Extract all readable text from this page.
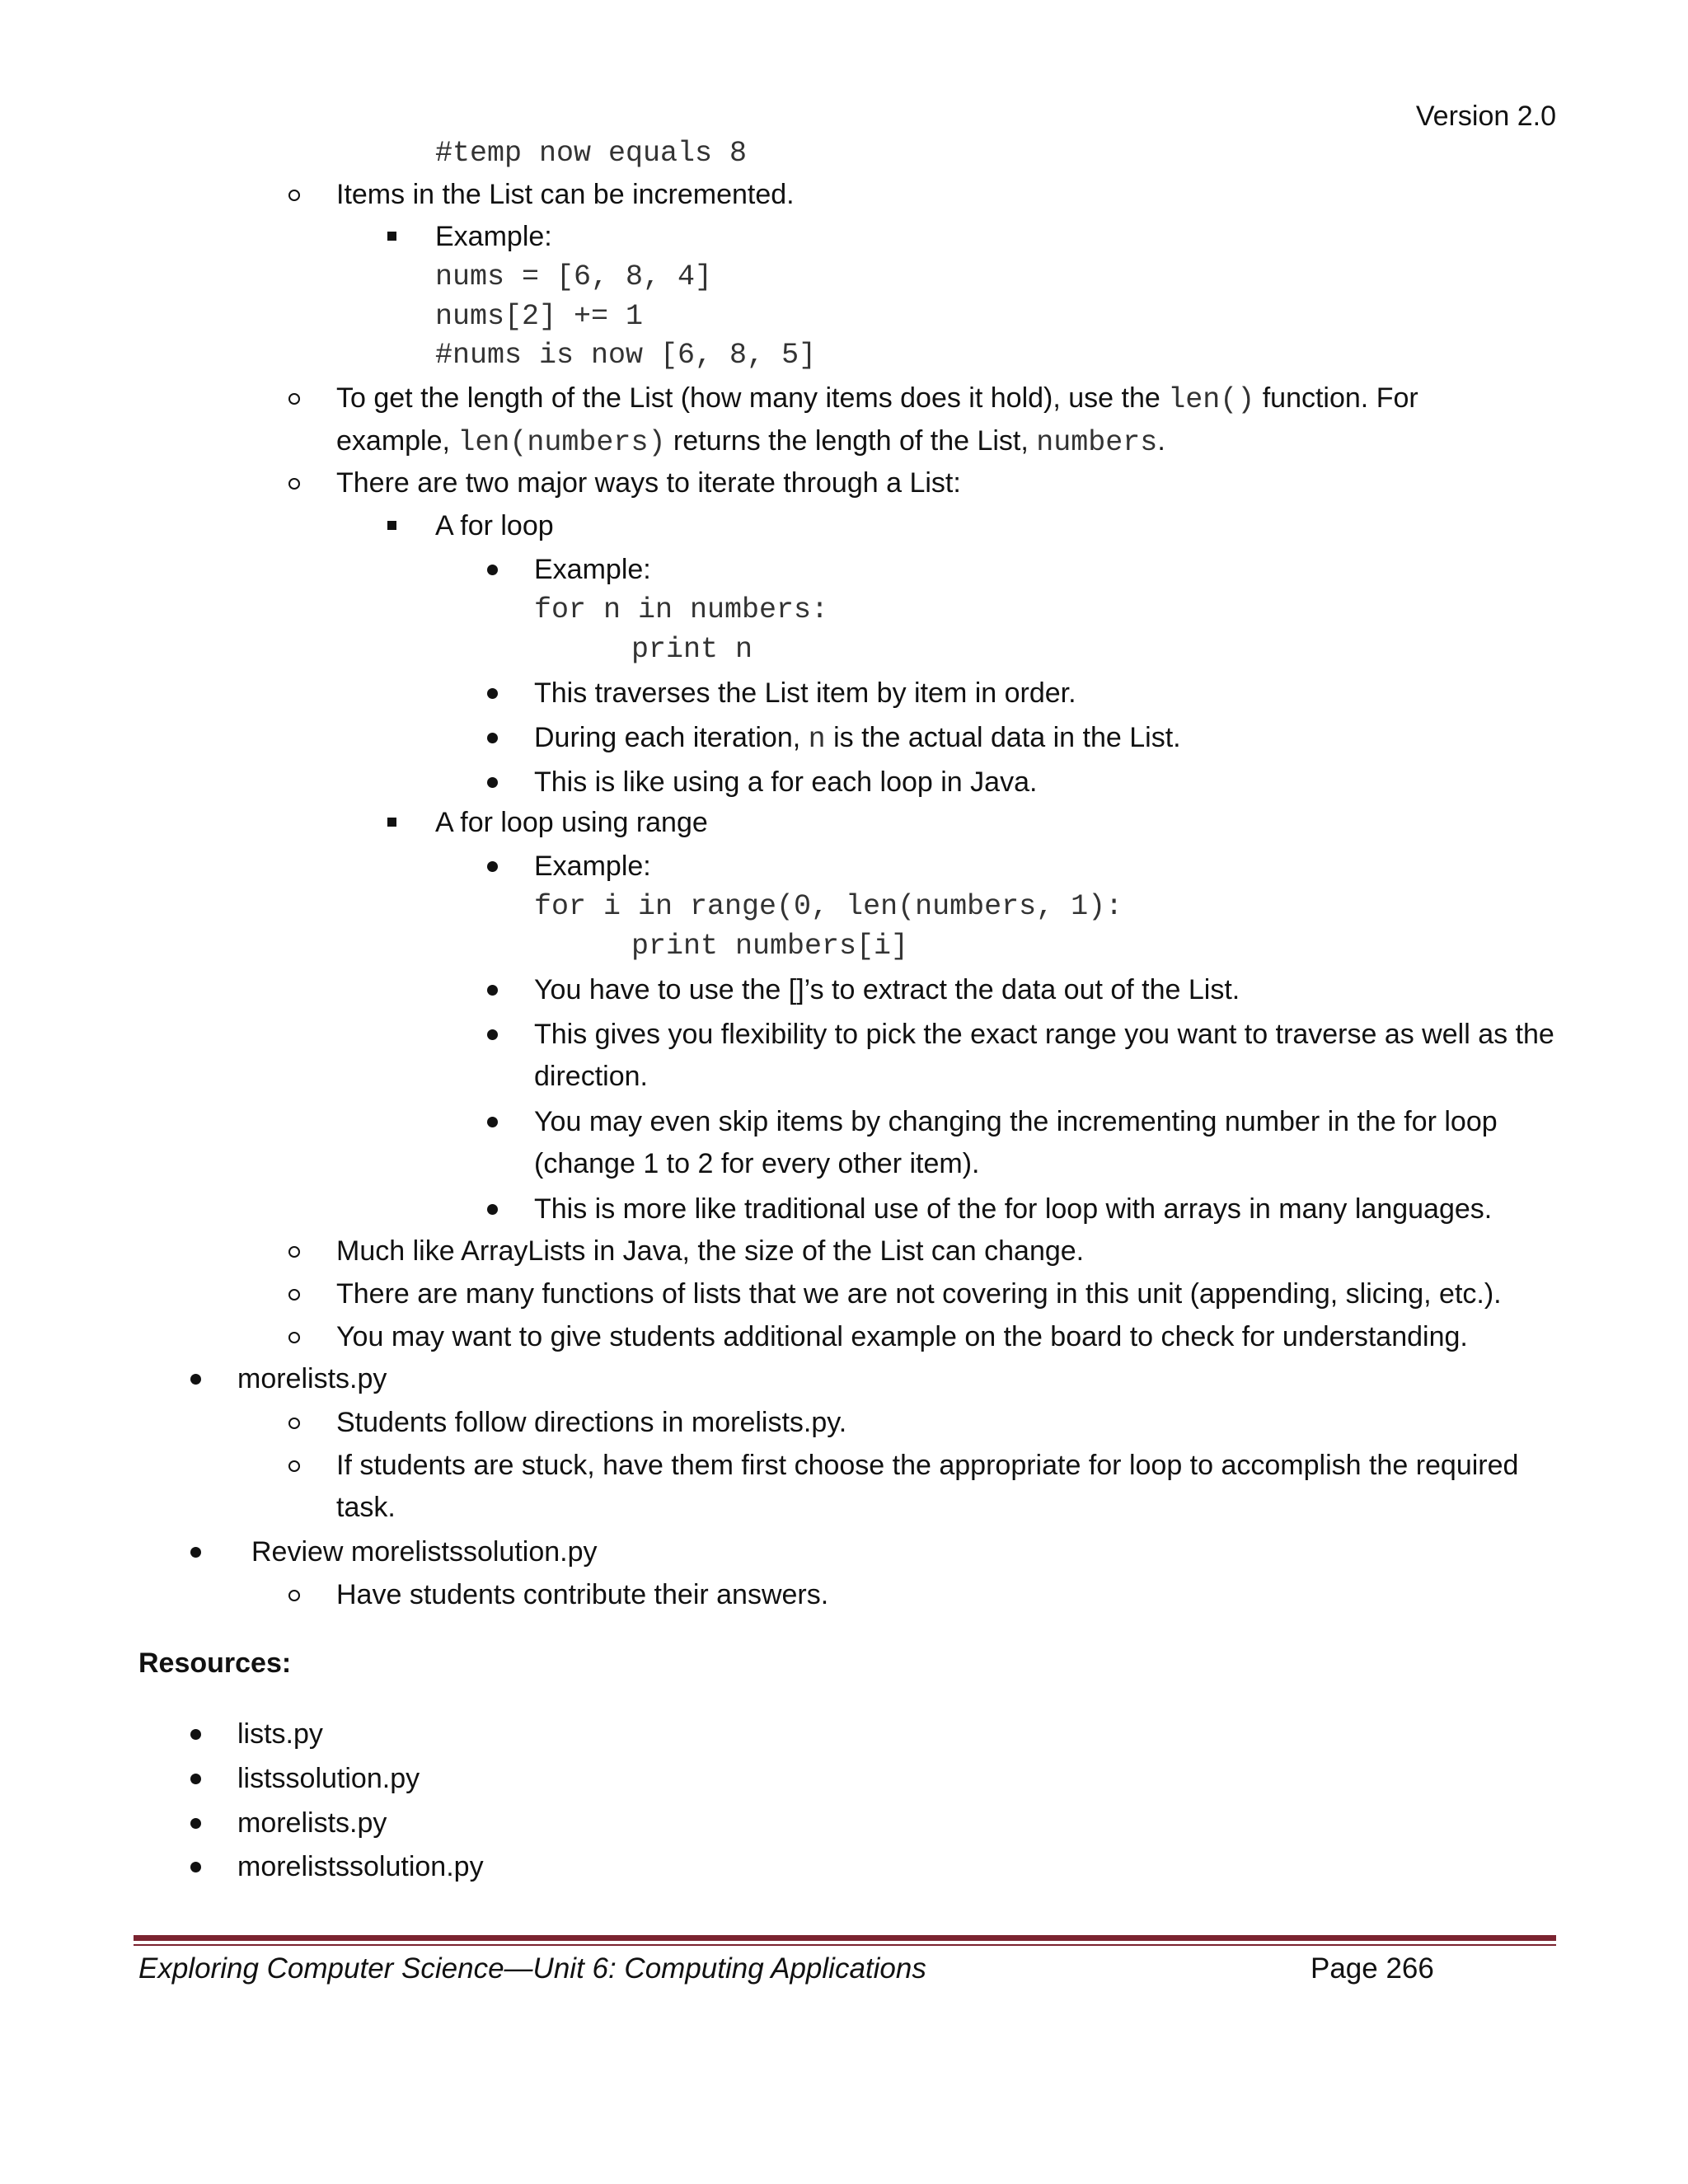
Version 2.0
#temp now equals 8
Items in the List can be incremented.
Example:
nums = [6, 8, 4]
nums[2] += 1
#nums is now [6, 8, 5]
To get the length of the List (how many items does it hold), use the len() function. For
example, len(numbers) returns the length of the List, numbers.
There are two major ways to iterate through a List:
A for loop
Example:
for n in numbers:
print n
This traverses the List item by item in order.
During each iteration, n is the actual data in the List.
This is like using a for each loop in Java.
A for loop using range
Example:
for i in range(0, len(numbers, 1):
print numbers[i]
You have to use the []’s to extract the data out of the List.
This gives you flexibility to pick the exact range you want to traverse as well as the
direction.
You may even skip items by changing the incrementing number in the for loop
(change 1 to 2 for every other item).
This is more like traditional use of the for loop with arrays in many languages.
Much like ArrayLists in Java, the size of the List can change.
There are many functions of lists that we are not covering in this unit (appending, slicing, etc.).
You may want to give students additional example on the board to check for understanding.
morelists.py
Students follow directions in morelists.py.
If students are stuck, have them first choose the appropriate for loop to accomplish the required
task.
Review morelistssolution.py
Have students contribute their answers.
Resources:
lists.py
listssolution.py
morelists.py
morelistssolution.py
Exploring Computer Science—Unit 6: Computing Applications	Page 266
